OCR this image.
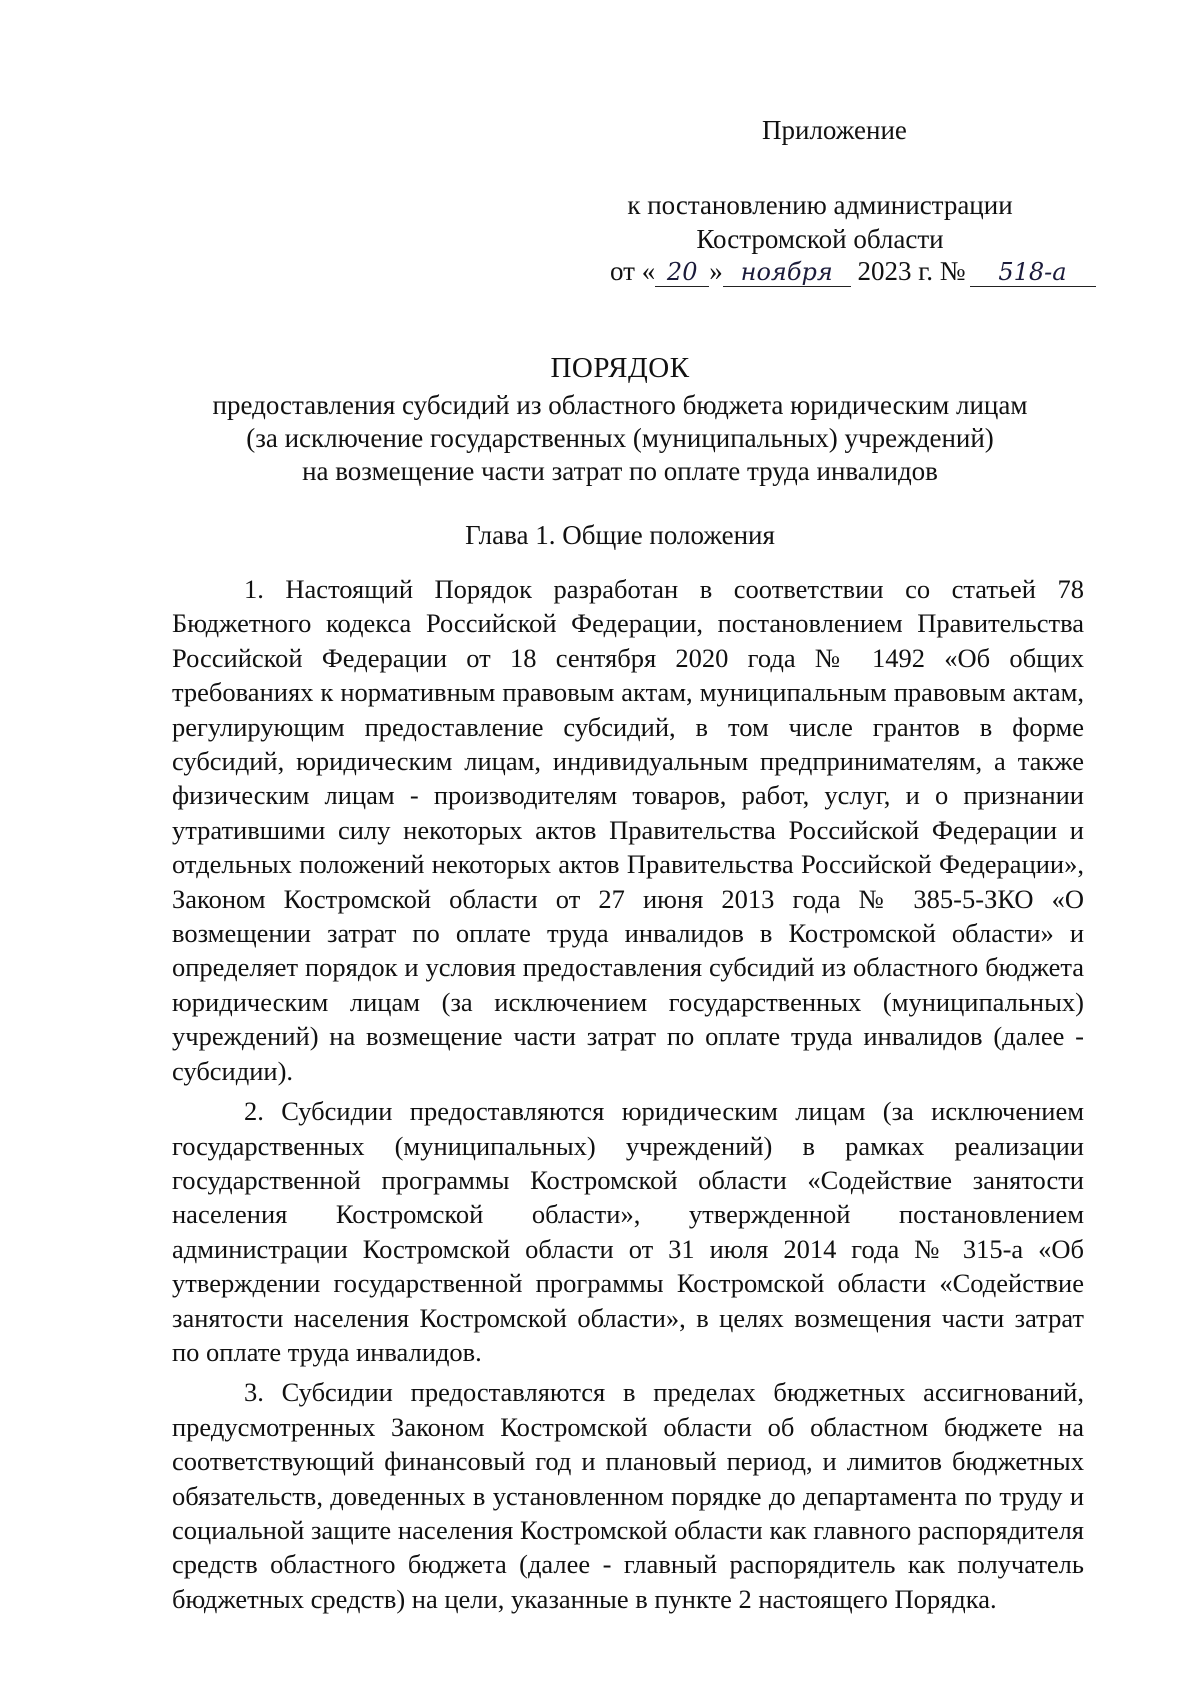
Приложение
к постановлению администрации
Костромской области
от « 20 » ноября 2023 г. № 518-а
ПОРЯДОК
предоставления субсидий из областного бюджета юридическим лицам
(за исключение государственных (муниципальных) учреждений)
на возмещение части затрат по оплате труда инвалидов
Глава 1. Общие положения

1. Настоящий Порядок разработан в соответствии со статьей 78 Бюджетного кодекса Российской Федерации, постановлением Правительства Российской Федерации от 18 сентября 2020 года № 1492 «Об общих требованиях к нормативным правовым актам, муниципальным правовым актам, регулирующим предоставление субсидий, в том числе грантов в форме субсидий, юридическим лицам, индивидуальным предпринимателям, а также физическим лицам - производителям товаров, работ, услуг, и о признании утратившими силу некоторых актов Правительства Российской Федерации и отдельных положений некоторых актов Правительства Российской Федерации», Законом Костромской области от 27 июня 2013 года № 385-5-ЗКО «О возмещении затрат по оплате труда инвалидов в Костромской области» и определяет порядок и условия предоставления субсидий из областного бюджета юридическим лицам (за исключением государственных (муниципальных) учреждений) на возмещение части затрат по оплате труда инвалидов (далее - субсидии).

2. Субсидии предоставляются юридическим лицам (за исключением государственных (муниципальных) учреждений) в рамках реализации государственной программы Костромской области «Содействие занятости населения Костромской области», утвержденной постановлением администрации Костромской области от 31 июля 2014 года № 315-а «Об утверждении государственной программы Костромской области «Содействие занятости населения Костромской области», в целях возмещения части затрат по оплате труда инвалидов.

3. Субсидии предоставляются в пределах бюджетных ассигнований, предусмотренных Законом Костромской области об областном бюджете на соответствующий финансовый год и плановый период, и лимитов бюджетных обязательств, доведенных в установленном порядке до департамента по труду и социальной защите населения Костромской области как главного распорядителя средств областного бюджета (далее - главный распорядитель как получатель бюджетных средств) на цели, указанные в пункте 2 настоящего Порядка.
